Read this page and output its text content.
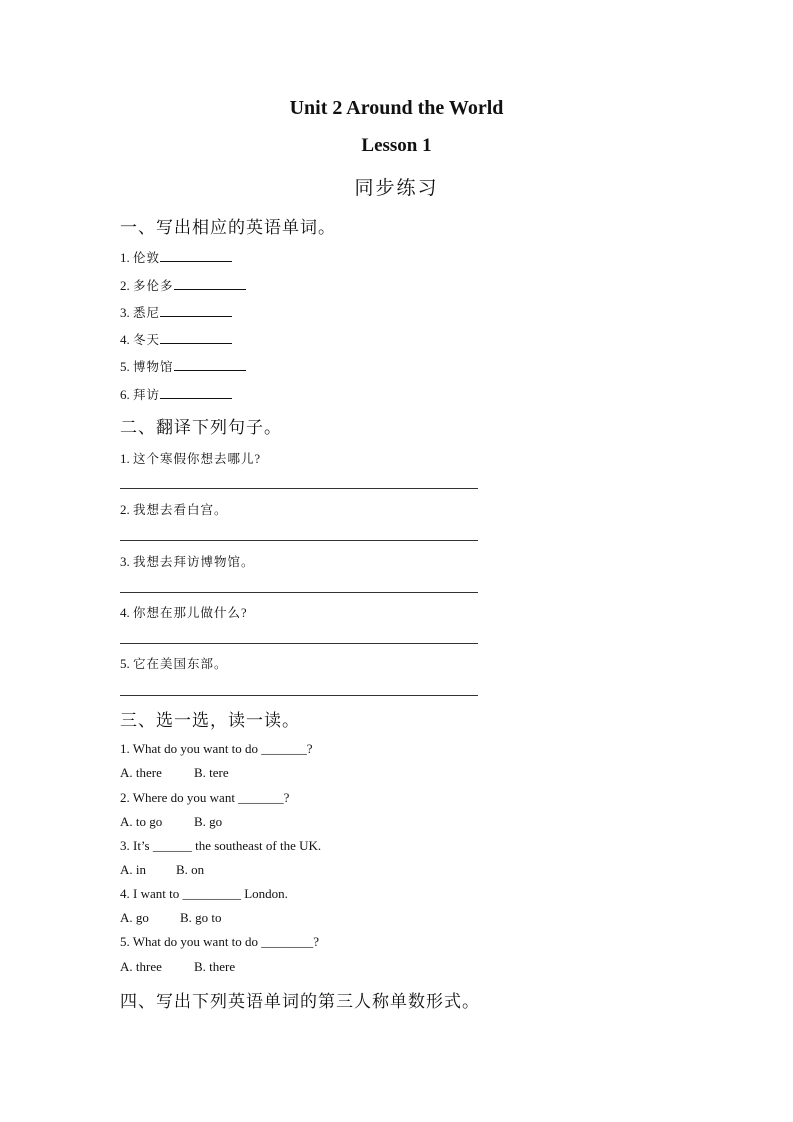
Unit 2 Around the World
Lesson 1
同步练习
一、写出相应的英语单词。
1. 伦敦
2. 多伦多
3. 悉尼
4. 冬天
5. 博物馆
6. 拜访
二、翻译下列句子。
1. 这个寒假你想去哪儿?
2. 我想去看白宫。
3. 我想去拜访博物馆。
4. 你想在那儿做什么?
5. 它在美国东部。
三、选一选，读一读。
1. What do you want to do _______?
A. there B. tere
2. Where do you want _______?
A. to go B. go
3. It’s ______ the southeast of the UK.
A. in B. on
4. I want to _________ London.
A. go B. go to
5. What do you want to do ________?
A. three B. there
四、写出下列英语单词的第三人称单数形式。
